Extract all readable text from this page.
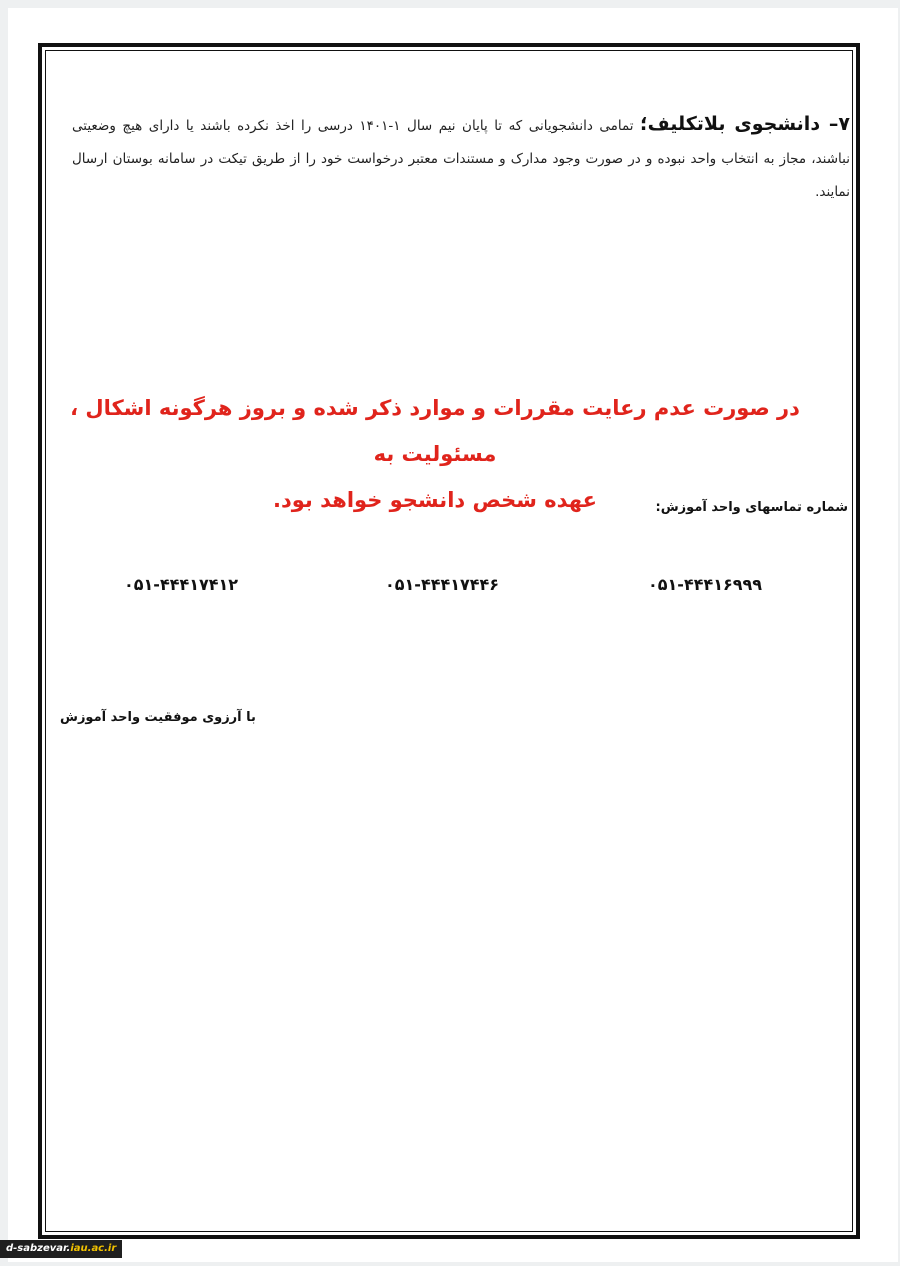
۷– دانشجوی بلاتکلیف؛ تمامی دانشجویانی که تا پایان نیم سال ۱-۱۴۰۱ درسی را اخذ نکرده باشند یا دارای هیچ وضعیتی نباشند، مجاز به انتخاب واحد نبوده و در صورت وجود مدارک و مستندات معتبر درخواست خود را از طریق تیکت در سامانه بوستان ارسال نمایند.
در صورت عدم رعایت مقررات و موارد ذکر شده و بروز هرگونه اشکال ، مسئولیت به
عهده شخص دانشجو خواهد بود.	شماره تماسهای واحد آموزش:
۰۵۱-۴۴۴۱۶۹۹۹
۰۵۱-۴۴۴۱۷۴۴۶
۰۵۱-۴۴۴۱۷۴۱۲
با آرزوی موفقیت واحد آموزش
d-sabzevar.iau.ac.ir
